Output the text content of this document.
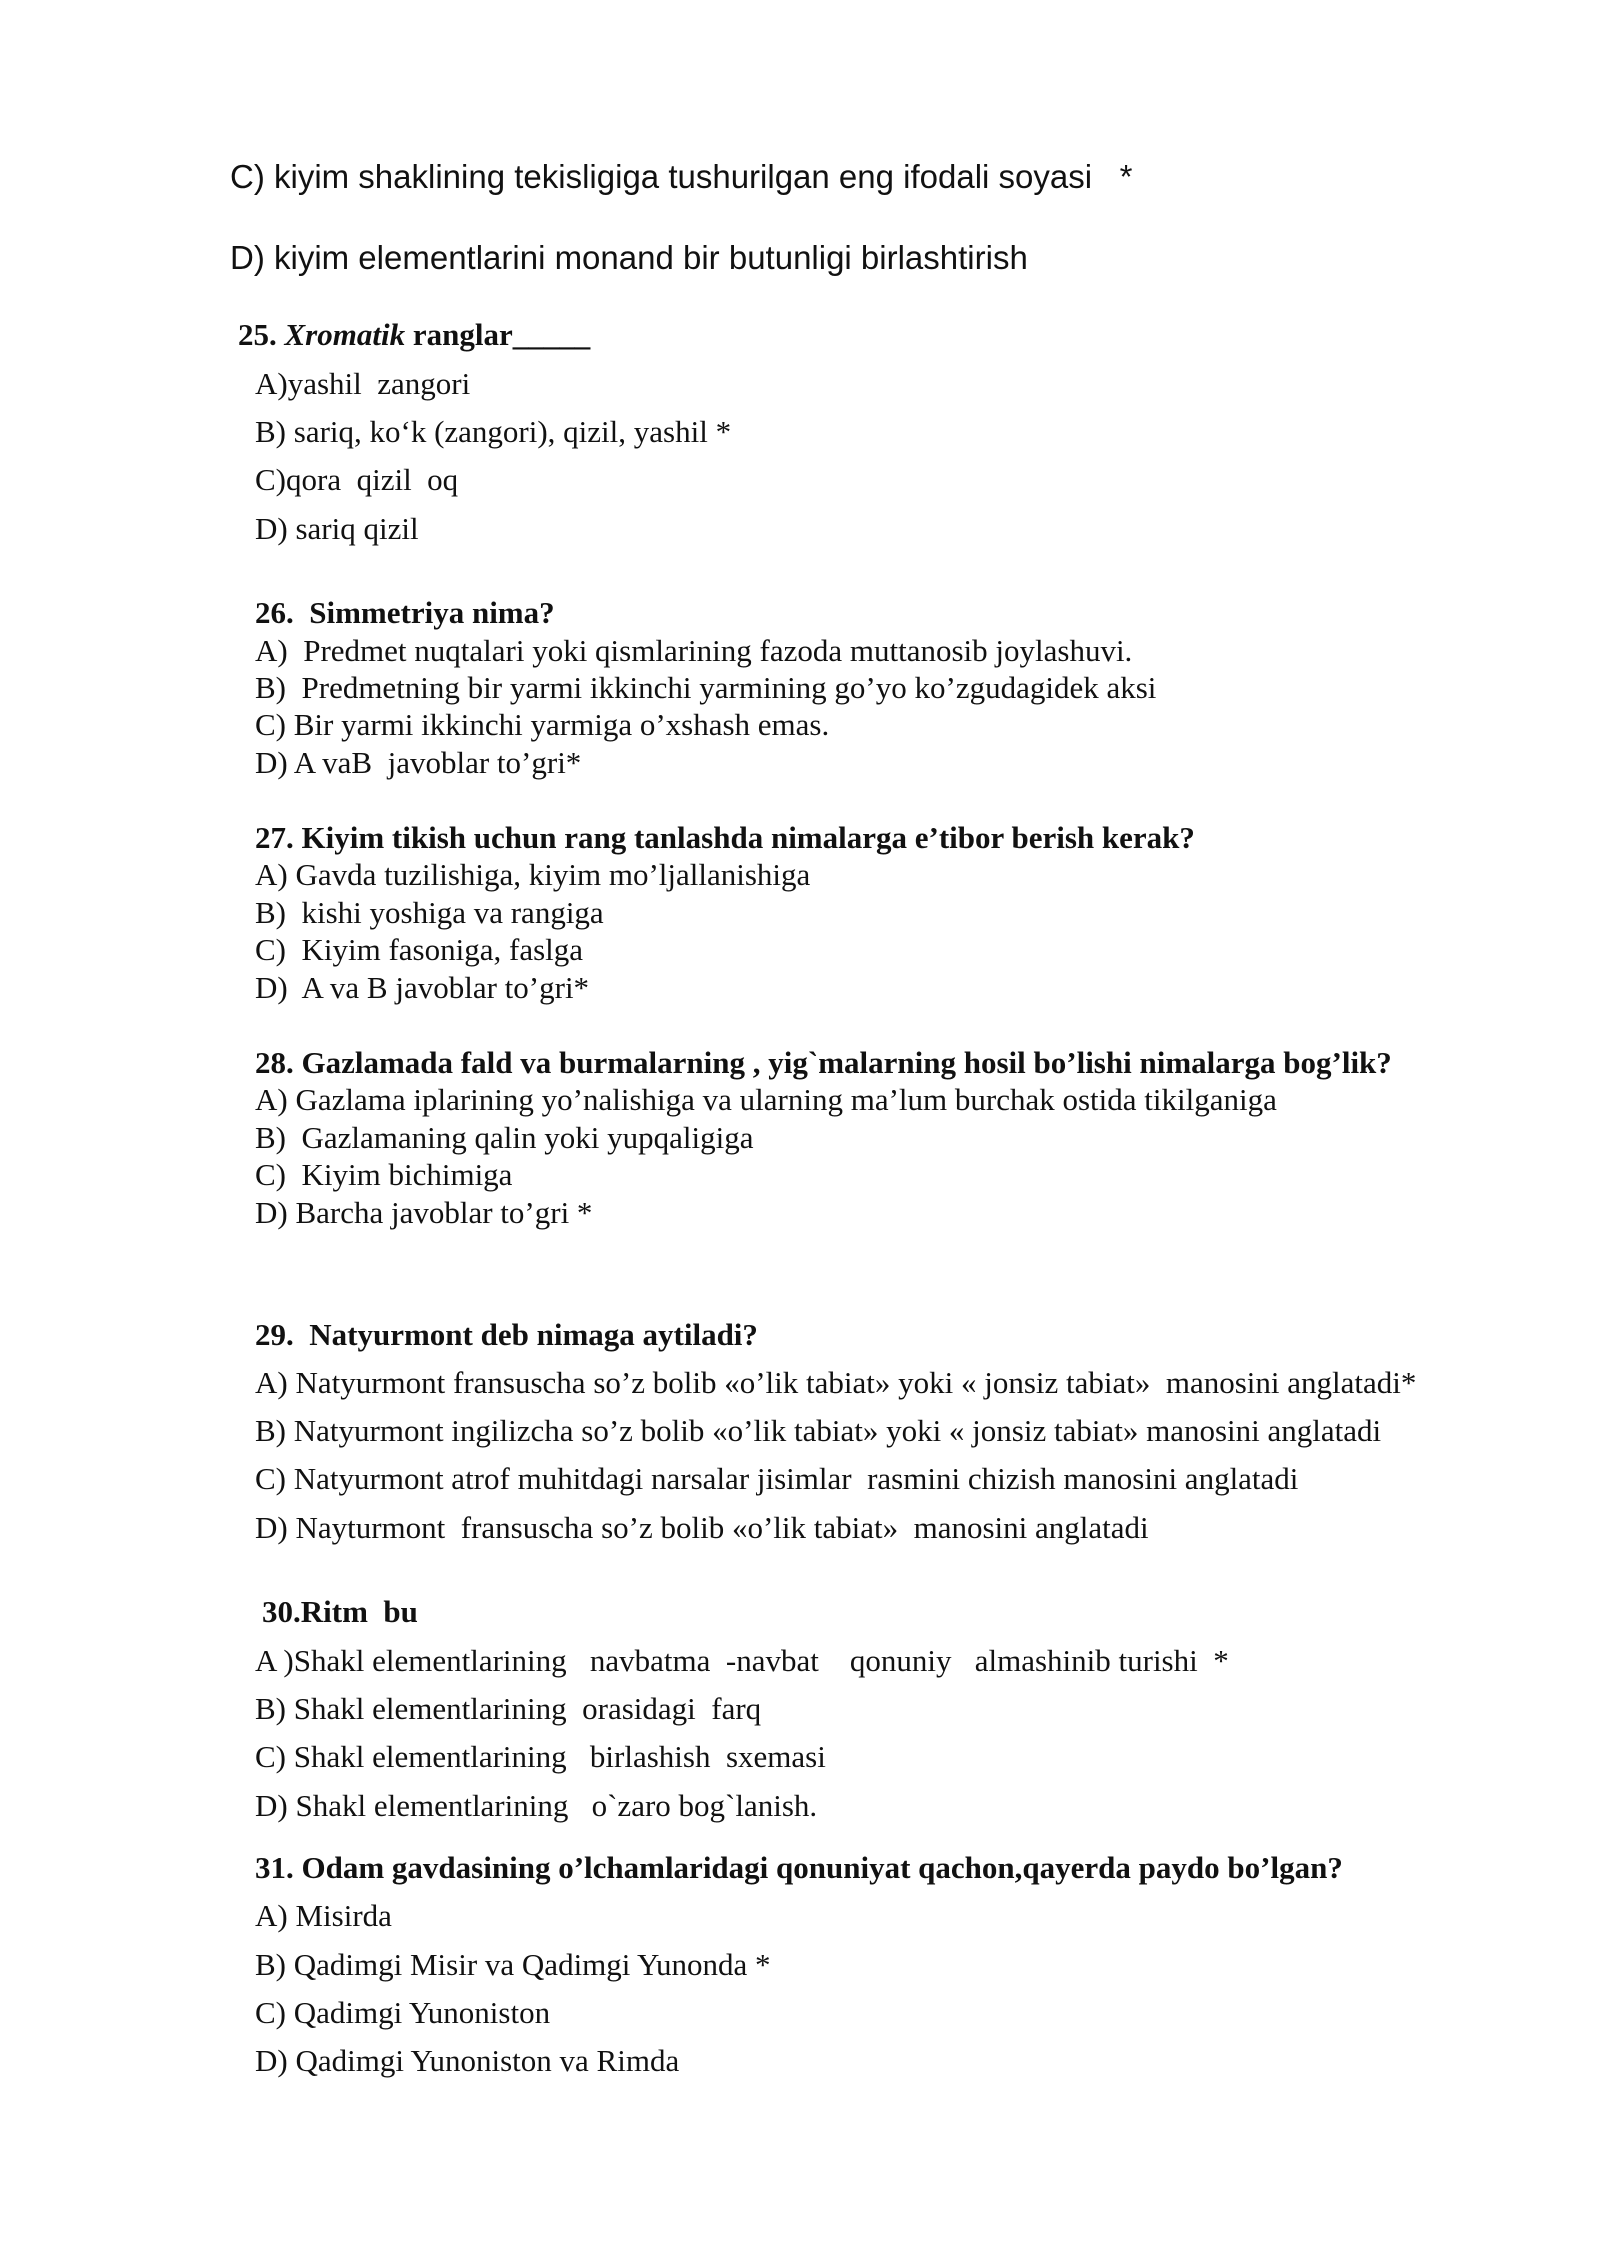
C) kiyim shaklining tekisligiga tushurilgan eng ifodali soyasi   *
D) kiyim elementlarini monand bir butunligi birlashtirish
25. Xromatik ranglar_____
A)yashil  zangori
B) sariq, ko‘k (zangori), qizil, yashil *
C)qora  qizil  oq
D) sariq qizil
26.  Simmetriya nima?
A)  Predmet nuqtalari yoki qismlarining fazoda muttanosib joylashuvi.
B)  Predmetning bir yarmi ikkinchi yarmining go’yo ko’zgudagidek aksi
C) Bir yarmi ikkinchi yarmiga o’xshash emas.
D) A vaB  javoblar to’gri*
27. Kiyim tikish uchun rang tanlashda nimalarga e’tibor berish kerak?
A) Gavda tuzilishiga, kiyim mo’ljallanishiga
B)  kishi yoshiga va rangiga
C)  Kiyim fasoniga, faslga
D)  A va B javoblar to’gri*
28. Gazlamada fald va burmalarning , yig`malarning hosil bo’lishi nimalarga bog’lik?
A) Gazlama iplarining yo’nalishiga va ularning ma’lum burchak ostida tikilganiga
B)  Gazlamaning qalin yoki yupqaligiga
C)  Kiyim bichimiga
D) Barcha javoblar to’gri *
29.  Natyurmont deb nimaga aytiladi?
A) Natyurmont fransuscha so’z bolib «o’lik tabiat» yoki « jonsiz tabiat»  manosini anglatadi*
B) Natyurmont ingilizcha so’z bolib «o’lik tabiat» yoki « jonsiz tabiat» manosini anglatadi
C) Natyurmont atrof muhitdagi narsalar jisimlar  rasmini chizish manosini anglatadi
D) Nayturmont  fransuscha so’z bolib «o’lik tabiat»  manosini anglatadi
30.Ritm  bu
A )Shakl elementlarining   navbatma  -navbat    qonuniy   almashinib turishi  *
B) Shakl elementlarining  orasidagi  farq
C) Shakl elementlarining   birlashish  sxemasi
D) Shakl elementlarining   o`zaro bog`lanish.
31. Odam gavdasining o’lchamlaridagi qonuniyat qachon,qayerda paydo bo’lgan?
A) Misirda
B) Qadimgi Misir va Qadimgi Yunonda *
C) Qadimgi Yunoniston
D) Qadimgi Yunoniston va Rimda
